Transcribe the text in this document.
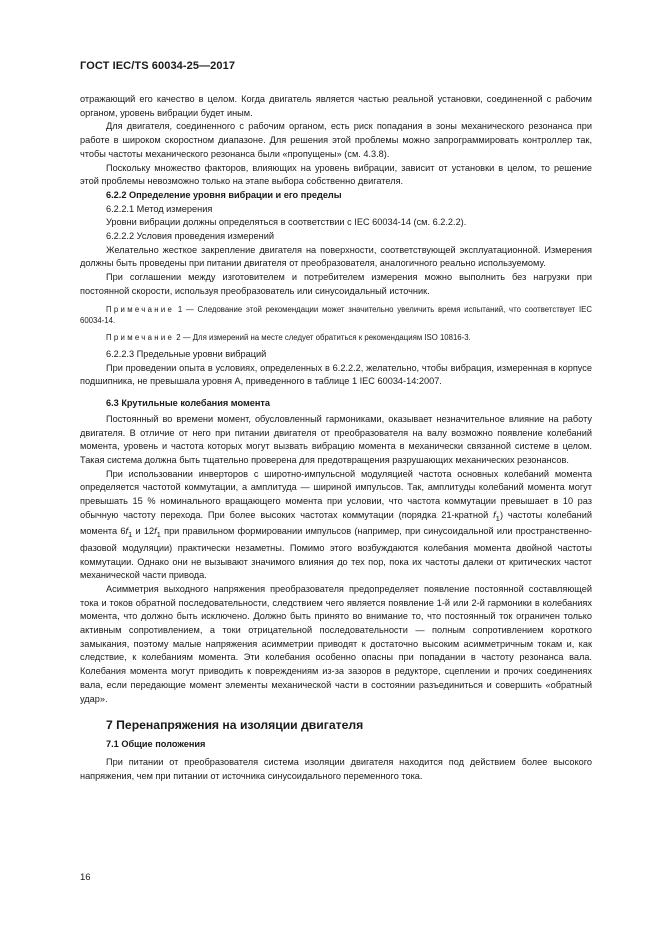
ГОСТ IEC/TS 60034-25—2017
отражающий его качество в целом. Когда двигатель является частью реальной установки, соединенной с рабочим органом, уровень вибрации будет иным.
Для двигателя, соединенного с рабочим органом, есть риск попадания в зоны механического резонанса при работе в широком скоростном диапазоне. Для решения этой проблемы можно запрограммировать контроллер так, чтобы частоты механического резонанса были «пропущены» (см. 4.3.8).
Поскольку множество факторов, влияющих на уровень вибрации, зависит от установки в целом, то решение этой проблемы невозможно только на этапе выбора собственно двигателя.
6.2.2 Определение уровня вибрации и его пределы
6.2.2.1 Метод измерения
Уровни вибрации должны определяться в соответствии с IEC 60034-14 (см. 6.2.2.2).
6.2.2.2 Условия проведения измерений
Желательно жесткое закрепление двигателя на поверхности, соответствующей эксплуатационной. Измерения должны быть проведены при питании двигателя от преобразователя, аналогичного реально используемому.
При соглашении между изготовителем и потребителем измерения можно выполнить без нагрузки при постоянной скорости, используя преобразователь или синусоидальный источник.
Примечание 1 — Следование этой рекомендации может значительно увеличить время испытаний, что соответствует IEC 60034-14.
Примечание 2 — Для измерений на месте следует обратиться к рекомендациям ISO 10816-3.
6.2.2.3 Предельные уровни вибраций
При проведении опыта в условиях, определенных в 6.2.2.2, желательно, чтобы вибрация, измеренная в корпусе подшипника, не превышала уровня А, приведенного в таблице 1 IEC 60034-14:2007.
6.3 Крутильные колебания момента
Постоянный во времени момент, обусловленный гармониками, оказывает незначительное влияние на работу двигателя. В отличие от него при питании двигателя от преобразователя на валу возможно появление колебаний момента, уровень и частота которых могут вызвать вибрацию момента в механически связанной системе в целом. Такая система должна быть тщательно проверена для предотвращения разрушающих механических резонансов.
При использовании инверторов с широтно-импульсной модуляцией частота основных колебаний момента определяется частотой коммутации, а амплитуда — шириной импульсов. Так, амплитуды колебаний момента могут превышать 15 % номинального вращающего момента при условии, что частота коммутации превышает в 10 раз обычную частоту перехода. При более высоких частотах коммутации (порядка 21-кратной $f_1$) частоты колебаний момента $6f_1$ и $12f_1$ при правильном формировании импульсов (например, при синусоидальной или пространственно-фазовой модуляции) практически незаметны. Помимо этого возбуждаются колебания момента двойной частоты коммутации. Однако они не вызывают значимого влияния до тех пор, пока их частоты далеки от критических частот механической части привода.
Асимметрия выходного напряжения преобразователя предопределяет появление постоянной составляющей тока и токов обратной последовательности, следствием чего является появление 1-й или 2-й гармоники в колебаниях момента, что должно быть исключено. Должно быть принято во внимание то, что постоянный ток ограничен только активным сопротивлением, а токи отрицательной последовательности — полным сопротивлением короткого замыкания, поэтому малые напряжения асимметрии приводят к достаточно высоким асимметричным токам и, как следствие, к колебаниям момента. Эти колебания особенно опасны при попадании в частоту резонанса вала. Колебания момента могут приводить к повреждениям из-за зазоров в редукторе, сцеплении и прочих соединениях вала, если передающие момент элементы механической части в состоянии разъединиться и совершить «обратный удар».
7 Перенапряжения на изоляции двигателя
7.1 Общие положения
При питании от преобразователя система изоляции двигателя находится под действием более высокого напряжения, чем при питании от источника синусоидального переменного тока.
16
